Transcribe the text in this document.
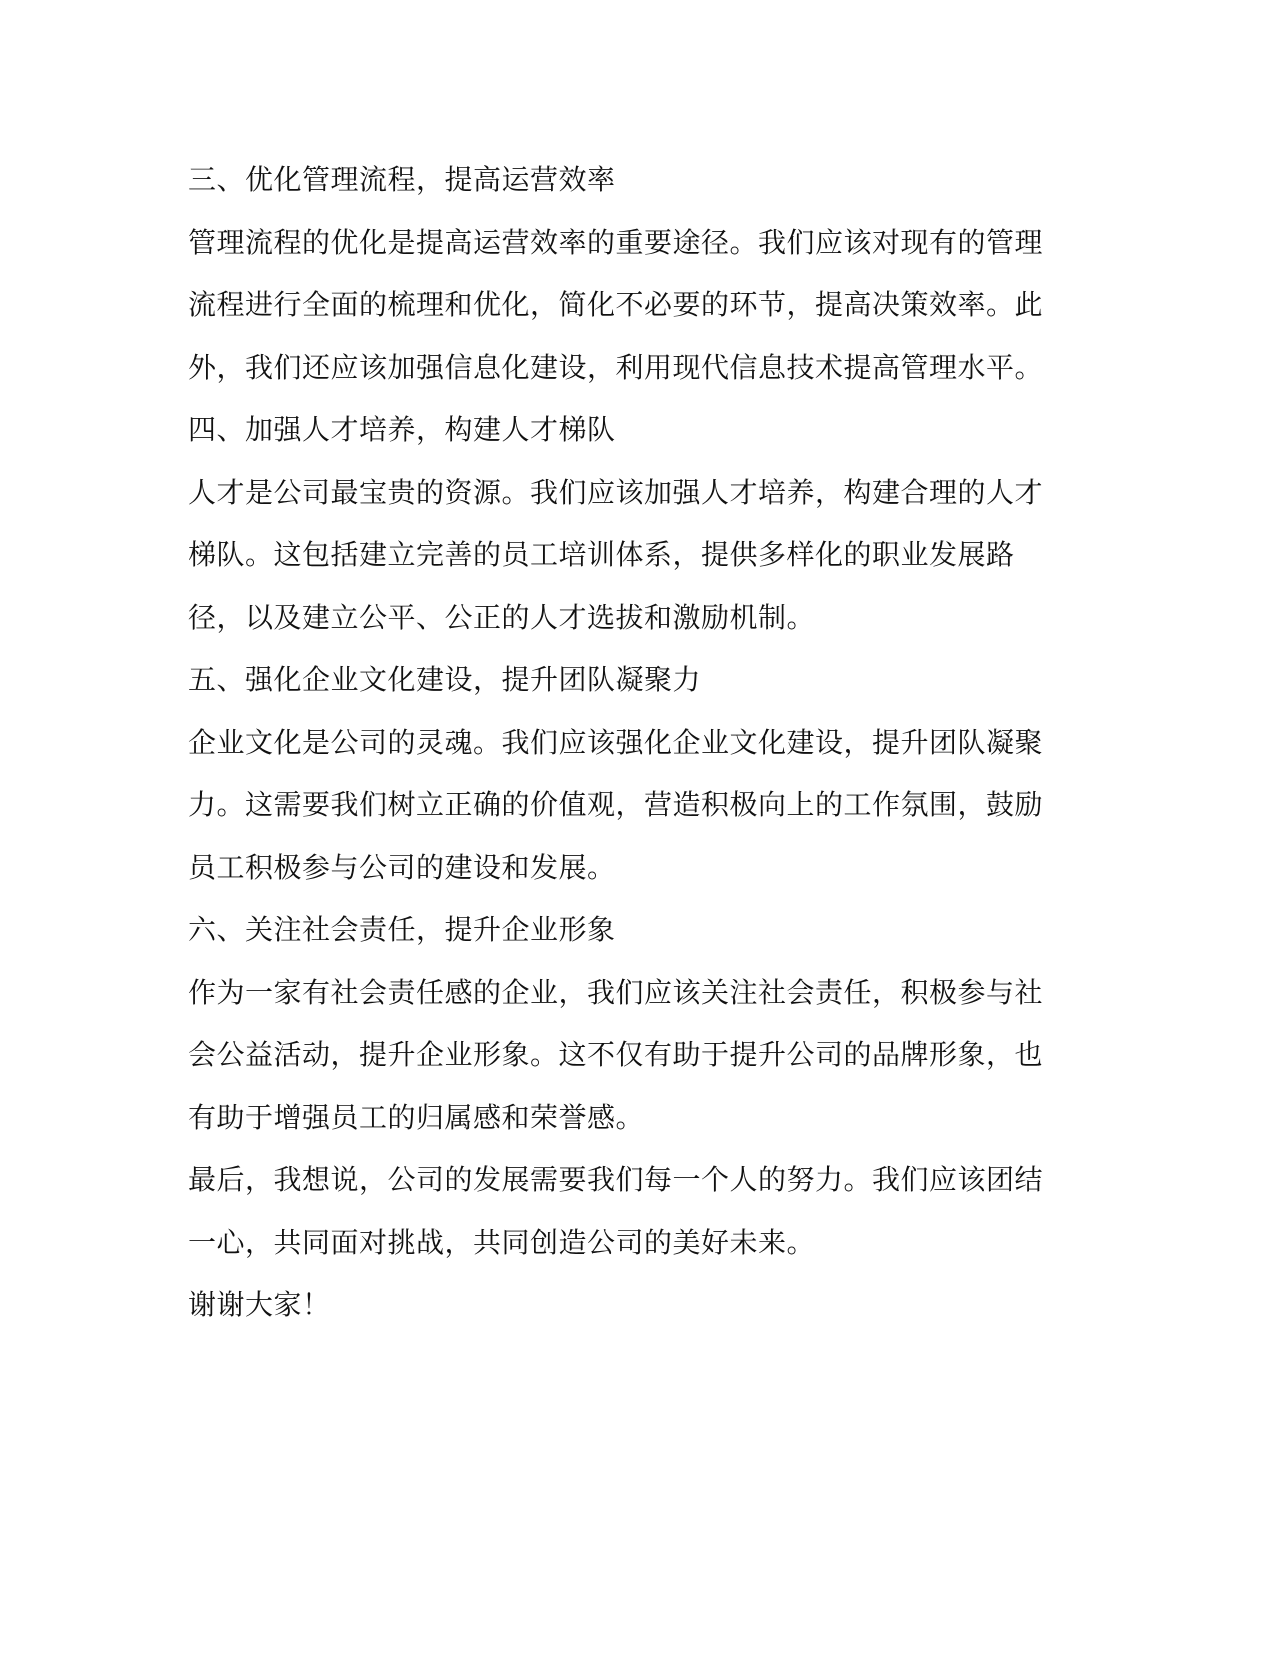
三、优化管理流程，提高运营效率
管理流程的优化是提高运营效率的重要途径。我们应该对现有的管理
流程进行全面的梳理和优化，简化不必要的环节，提高决策效率。此
外，我们还应该加强信息化建设，利用现代信息技术提高管理水平。
四、加强人才培养，构建人才梯队
人才是公司最宝贵的资源。我们应该加强人才培养，构建合理的人才
梯队。这包括建立完善的员工培训体系，提供多样化的职业发展路
径，以及建立公平、公正的人才选拔和激励机制。
五、强化企业文化建设，提升团队凝聚力
企业文化是公司的灵魂。我们应该强化企业文化建设，提升团队凝聚
力。这需要我们树立正确的价值观，营造积极向上的工作氛围，鼓励
员工积极参与公司的建设和发展。
六、关注社会责任，提升企业形象
作为一家有社会责任感的企业，我们应该关注社会责任，积极参与社
会公益活动，提升企业形象。这不仅有助于提升公司的品牌形象，也
有助于增强员工的归属感和荣誉感。
最后，我想说，公司的发展需要我们每一个人的努力。我们应该团结
一心，共同面对挑战，共同创造公司的美好未来。
谢谢大家！
